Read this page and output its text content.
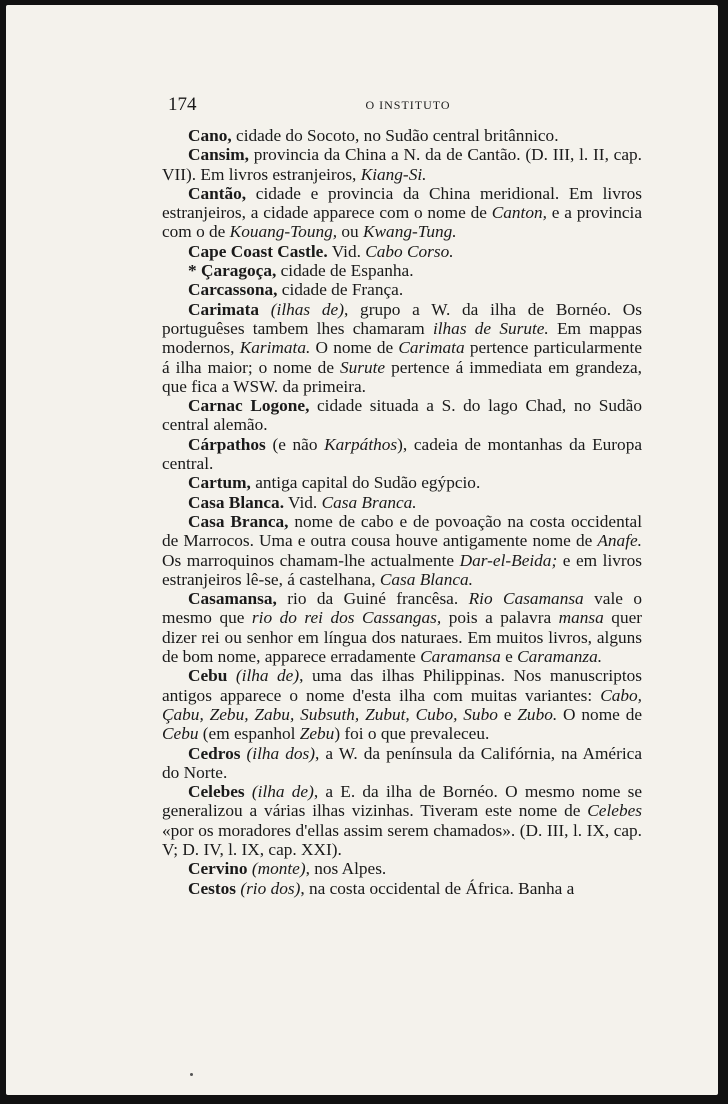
174	O INSTITUTO

Cano, cidade do Socoto, no Sudão central britânnico.

Cansim, provincia da China a N. da de Cantão. (D. III, l. II, cap. VII). Em livros estranjeiros, Kiang-Si.

Cantão, cidade e provincia da China meridional. Em livros estranjeiros, a cidade apparece com o nome de Canton, e a provincia com o de Kouang-Toung, ou Kwang-Tung.

Cape Coast Castle. Vid. Cabo Corso.

* Çaragoça, cidade de Espanha.

Carcassona, cidade de França.

Carimata (ilhas de), grupo a W. da ilha de Bornéo. Os portuguêses tambem lhes chamaram ilhas de Surute. Em mappas modernos, Karimata. O nome de Carimata pertence particularmente á ilha maior; o nome de Surute pertence á immediata em grandeza, que fica a WSW. da primeira.

Carnac Logone, cidade situada a S. do lago Chad, no Sudão central alemão.

Cárpathos (e não Karpáthos), cadeia de montanhas da Europa central.

Cartum, antiga capital do Sudão egýpcio.

Casa Blanca. Vid. Casa Branca.

Casa Branca, nome de cabo e de povoação na costa occidental de Marrocos. Uma e outra cousa houve antigamente nome de Anafe. Os marroquinos chamam-lhe actualmente Dar-el-Beida; e em livros estranjeiros lê-se, á castelhana, Casa Blanca.

Casamansa, rio da Guiné francêsa. Rio Casamansa vale o mesmo que rio do rei dos Cassangas, pois a palavra mansa quer dizer rei ou senhor em língua dos naturaes. Em muitos livros, alguns de bom nome, apparece erradamente Caramansa e Caramanza.

Cebu (ilha de), uma das ilhas Philippinas. Nos manuscriptos antigos apparece o nome d'esta ilha com muitas variantes: Cabo, Çabu, Zebu, Zabu, Subsuth, Zubut, Cubo, Subo e Zubo. O nome de Cebu (em espanhol Zebu) foi o que prevaleceu.

Cedros (ilha dos), a W. da península da Califórnia, na América do Norte.

Celebes (ilha de), a E. da ilha de Bornéo. O mesmo nome se generalizou a várias ilhas vizinhas. Tiveram este nome de Celebes «por os moradores d'ellas assim serem chamados». (D. III, l. IX, cap. V; D. IV, l. IX, cap. XXI).

Cervino (monte), nos Alpes.

Cestos (rio dos), na costa occidental de África. Banha a
